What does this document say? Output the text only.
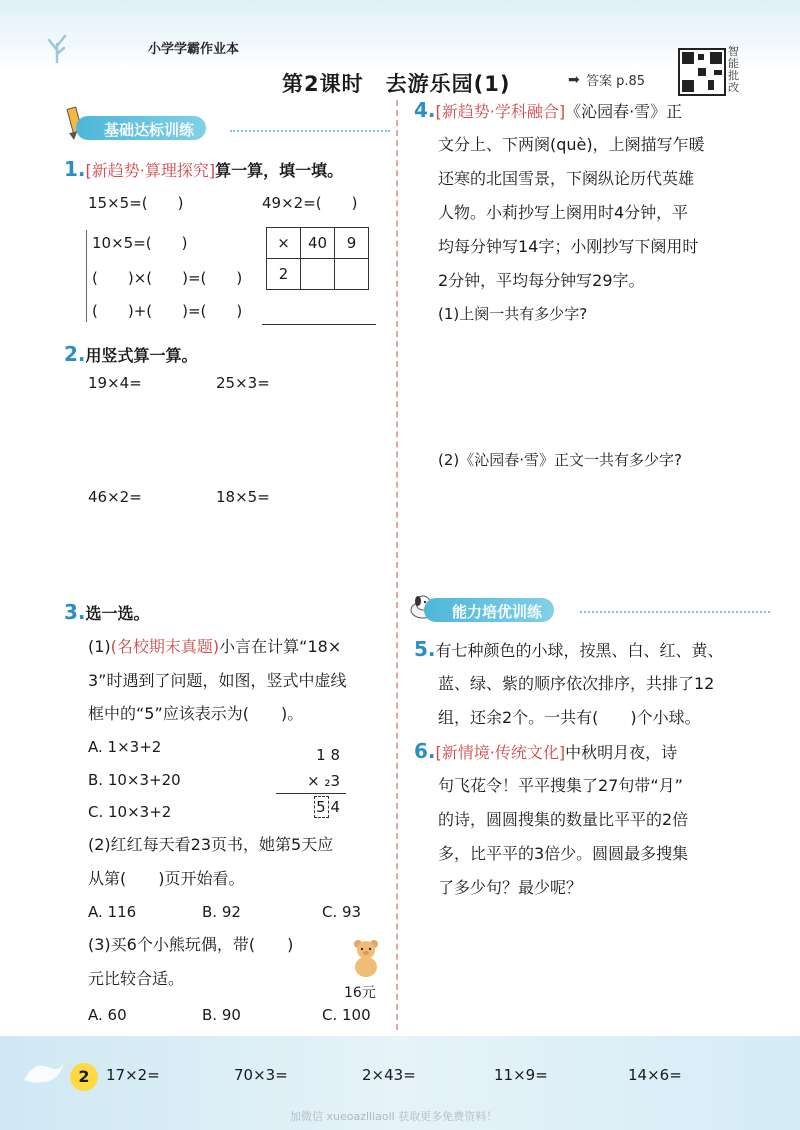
小学学霸作业本
第2课时　去游乐园(1)	➡ 答案 p.85
智能批改
基础达标训练
1.[新趋势·算理探究]算一算，填一填。
15×5=(　　)	49×2=(　　)
10×5=(　　)
(　　)×(　　)=(　　)
(　　)+(　　)=(　　)
×	40	9
2		
2.用竖式算一算。
19×4=	25×3=
46×2=	18×5=
3.选一选。
(1)(名校期末真题)小言在计算“18×
3”时遇到了问题，如图，竖式中虚线
框中的“5”应该表示为(　　)。
A. 1×3+2
B. 10×3+20
C. 10×3+2
1 8
× ₂3
5 4
(2)红红每天看23页书，她第5天应
从第(　　)页开始看。
A. 116	B. 92	C. 93
(3)买6个小熊玩偶，带(　　)
元比较合适。
16元
A. 60	B. 90	C. 100
4.[新趋势·学科融合]《沁园春·雪》正
文分上、下两阕(què)，上阕描写乍暖
还寒的北国雪景，下阕纵论历代英雄
人物。小莉抄写上阕用时4分钟，平
均每分钟写14字；小刚抄写下阕用时
2分钟，平均每分钟写29字。
(1)上阕一共有多少字?
(2)《沁园春·雪》正文一共有多少字?
能力培优训练
5.有七种颜色的小球，按黑、白、红、黄、
蓝、绿、紫的顺序依次排序，共排了12
组，还余2个。一共有(　　)个小球。
6.[新情境·传统文化]中秋明月夜，诗
句飞花令！平平搜集了27句带“月”
的诗，圆圆搜集的数量比平平的2倍
多，比平平的3倍少。圆圆最多搜集
了多少句？最少呢？
2	17×2=	70×3=	2×43=	11×9=	14×6=
加微信 xueoazlliaoll 获取更多免费资料！
